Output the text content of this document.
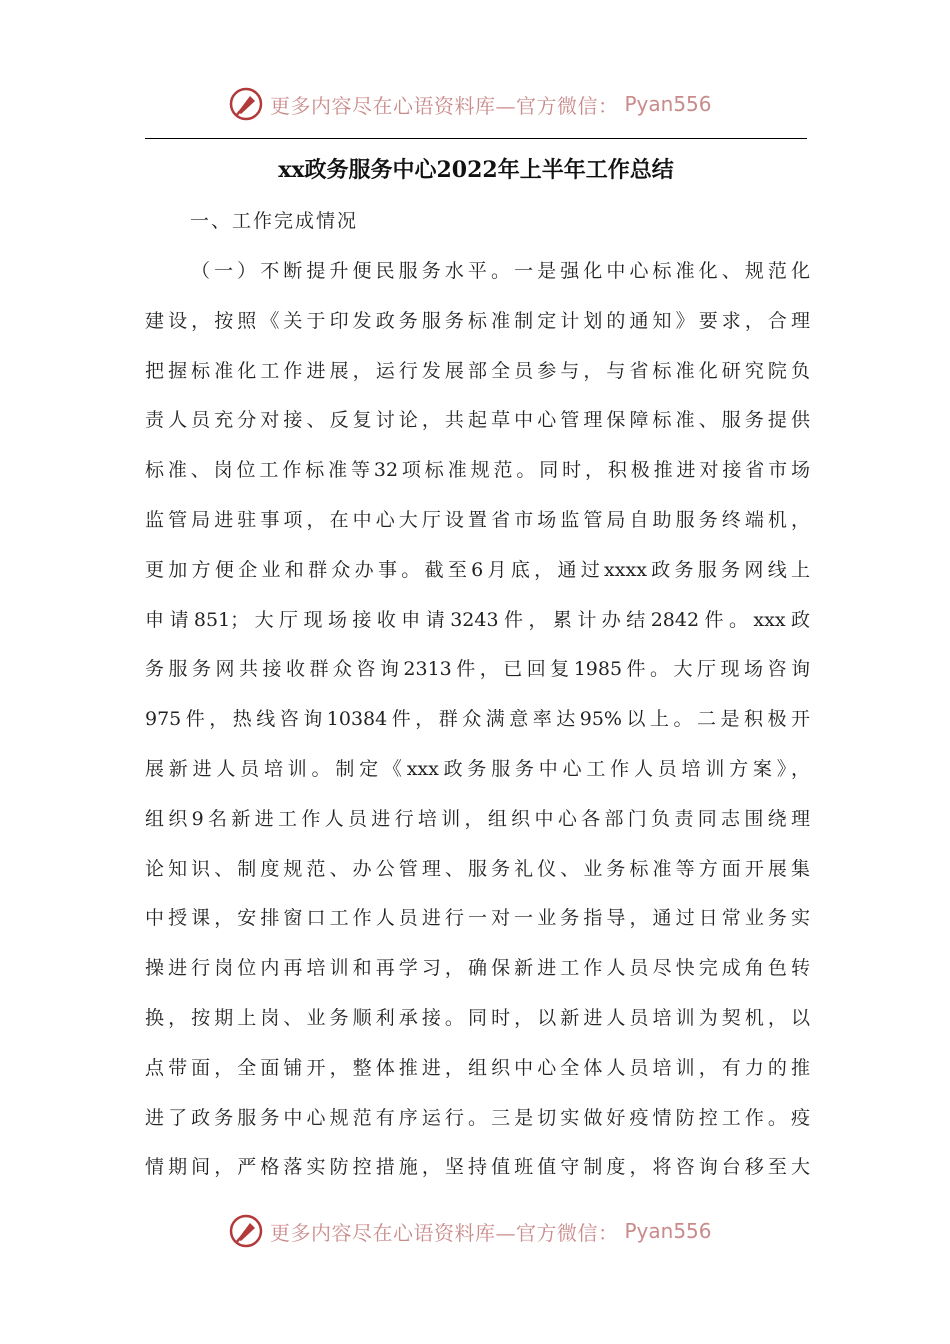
更多内容尽在心语资料库—官方微信： Pyan556
xx政务服务中心2022年上半年工作总结
一、工作完成情况
（一）不断提升便民服务水平。一是强化中心标准化、规范化
建设，按照《关于印发政务服务标准制定计划的通知》要求，合理
把握标准化工作进展，运行发展部全员参与，与省标准化研究院负
责人员充分对接、反复讨论，共起草中心管理保障标准、服务提供
标准、岗位工作标准等32项标准规范。同时，积极推进对接省市场
监管局进驻事项，在中心大厅设置省市场监管局自助服务终端机，
更加方便企业和群众办事。截至6月底，通过xxxx政务服务网线上
申请851；大厅现场接收申请3243件，累计办结2842件。xxx政
务服务网共接收群众咨询2313件，已回复1985件。大厅现场咨询
975件，热线咨询10384件，群众满意率达95%以上。二是积极开
展新进人员培训。制定《xxx政务服务中心工作人员培训方案》，
组织9名新进工作人员进行培训，组织中心各部门负责同志围绕理
论知识、制度规范、办公管理、服务礼仪、业务标准等方面开展集
中授课，安排窗口工作人员进行一对一业务指导，通过日常业务实
操进行岗位内再培训和再学习，确保新进工作人员尽快完成角色转
换，按期上岗、业务顺利承接。同时，以新进人员培训为契机，以
点带面，全面铺开，整体推进，组织中心全体人员培训，有力的推
进了政务服务中心规范有序运行。三是切实做好疫情防控工作。疫
情期间，严格落实防控措施，坚持值班值守制度，将咨询台移至大
更多内容尽在心语资料库—官方微信： Pyan556
